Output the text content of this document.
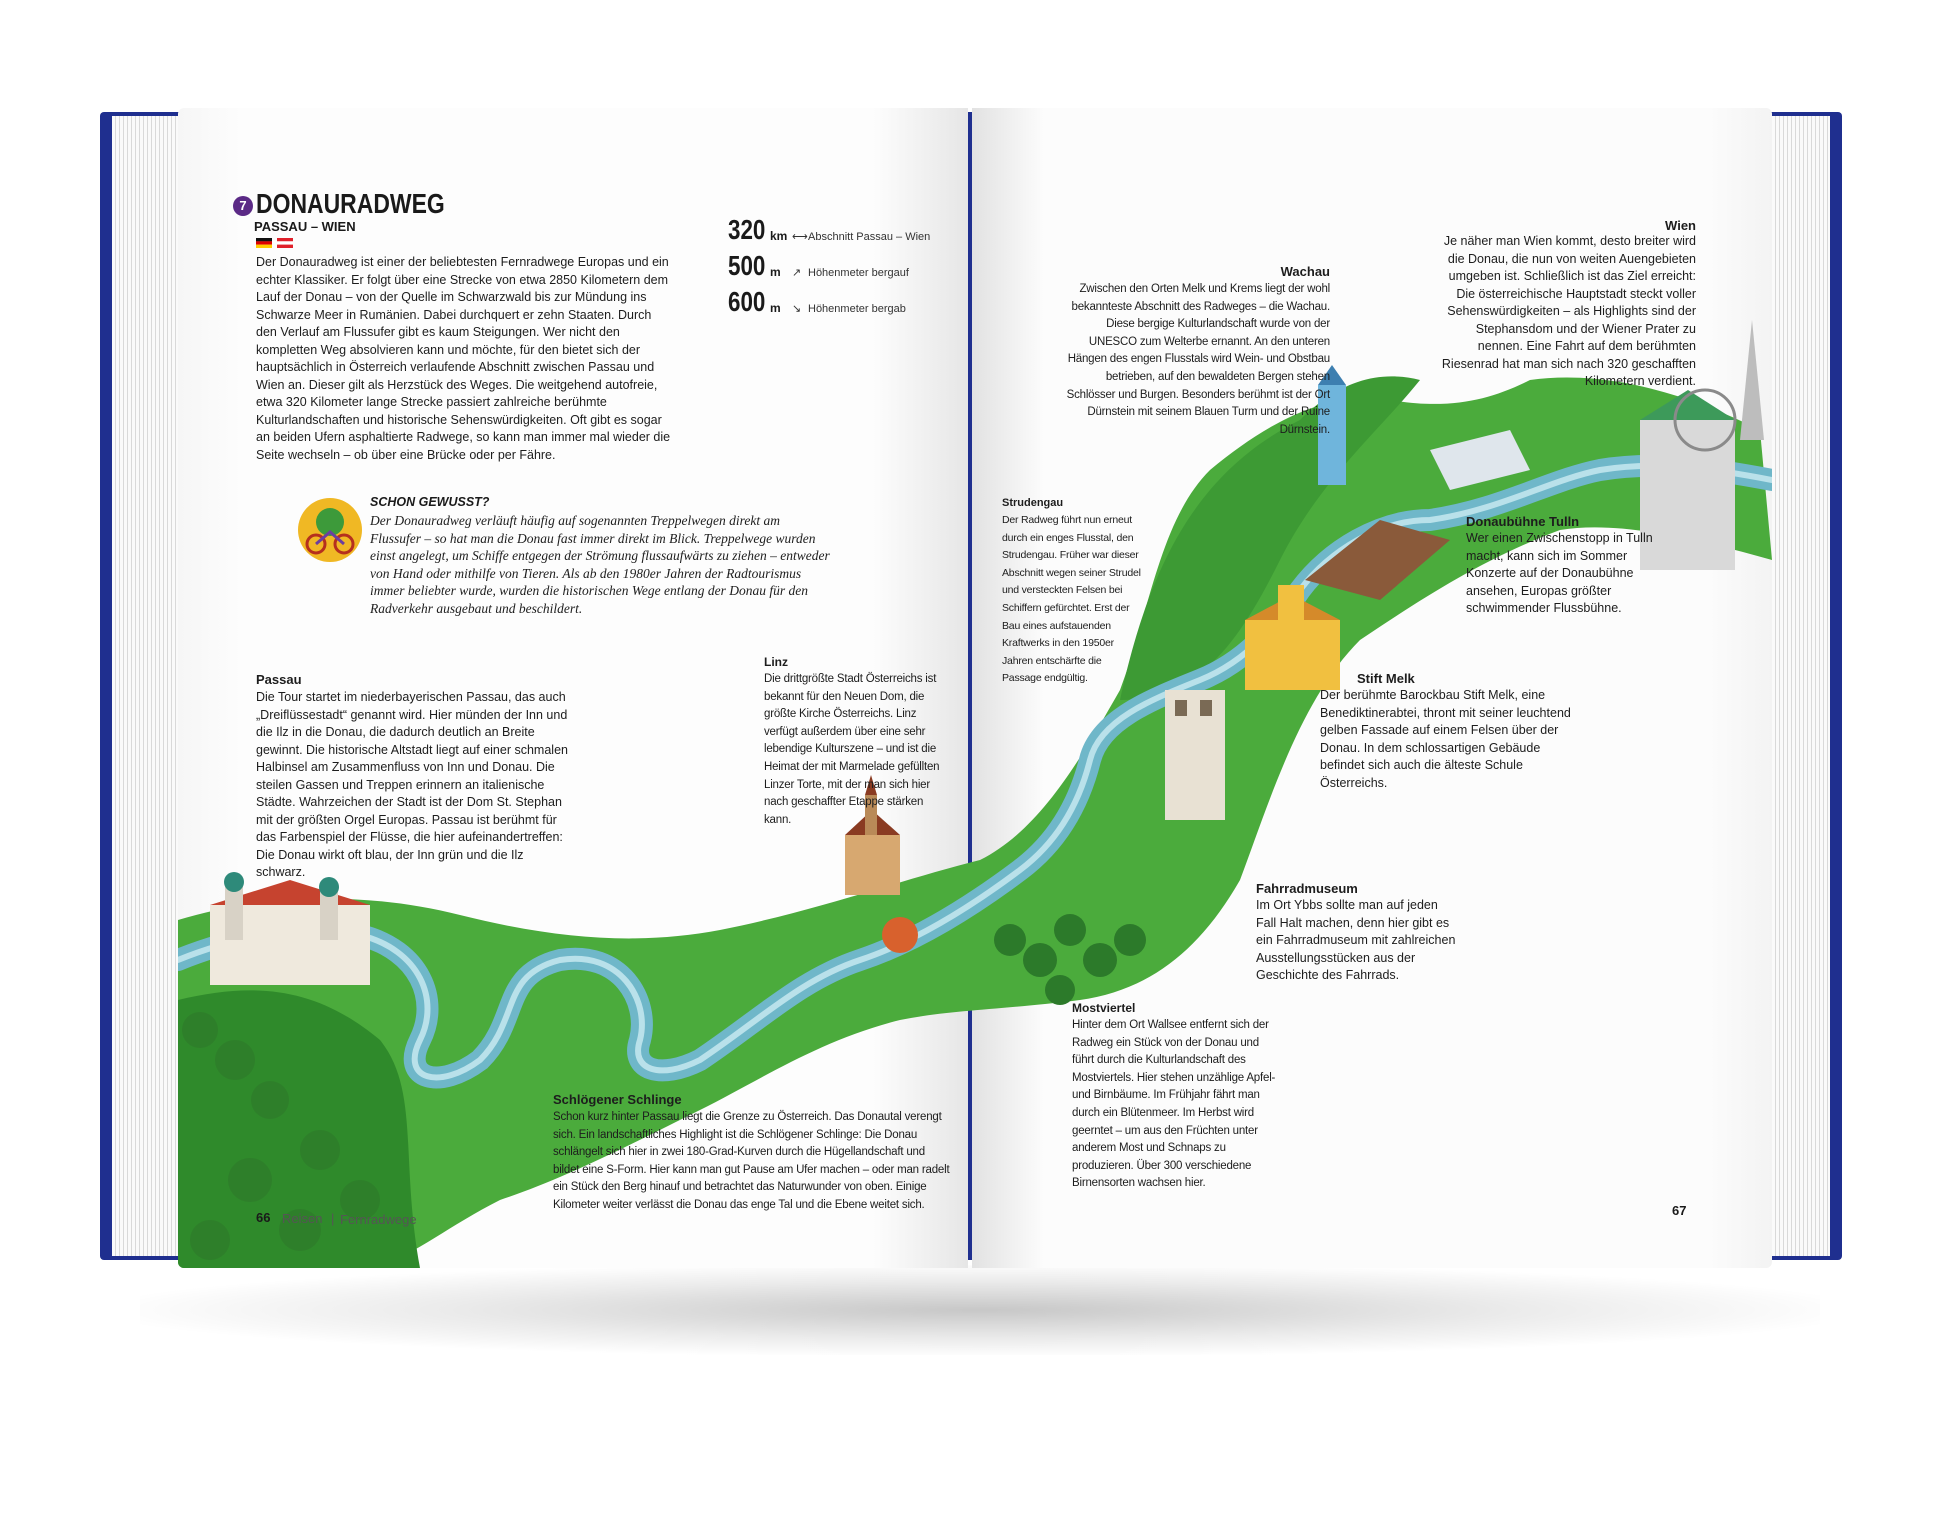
7 DONAURADWEG
PASSAU – WIEN
Der Donauradweg ist einer der beliebtesten Fernradwege Europas und ein echter Klassiker. Er folgt über eine Strecke von etwa 2850 Kilometern dem Lauf der Donau – von der Quelle im Schwarzwald bis zur Mündung ins Schwarze Meer in Rumänien. Dabei durchquert er zehn Staaten. Durch den Verlauf am Flussufer gibt es kaum Steigungen. Wer nicht den kompletten Weg absolvieren kann und möchte, für den bietet sich der hauptsächlich in Österreich verlaufende Abschnitt zwischen Passau und Wien an. Dieser gilt als Herzstück des Weges. Die weitgehend autofreie, etwa 320 Kilometer lange Strecke passiert zahlreiche berühmte Kulturlandschaften und historische Sehenswürdigkeiten. Oft gibt es sogar an beiden Ufern asphaltierte Radwege, so kann man immer mal wieder die Seite wechseln – ob über eine Brücke oder per Fähre.
320 km ⟷ Abschnitt Passau – Wien
500 m ↗ Höhenmeter bergauf
600 m ↘ Höhenmeter bergab
SCHON GEWUSST?
Der Donauradweg verläuft häufig auf sogenannten Treppelwegen direkt am Flussufer – so hat man die Donau fast immer direkt im Blick. Treppelwege wurden einst angelegt, um Schiffe entgegen der Strömung flussaufwärts zu ziehen – entweder von Hand oder mithilfe von Tieren. Als ab den 1980er Jahren der Radtourismus immer beliebter wurde, wurden die historischen Wege entlang der Donau für den Radverkehr ausgebaut und beschildert.
Passau
Die Tour startet im niederbayerischen Passau, das auch „Dreiflüssestadt“ genannt wird. Hier münden der Inn und die Ilz in die Donau, die dadurch deutlich an Breite gewinnt. Die historische Altstadt liegt auf einer schmalen Halbinsel am Zusammenfluss von Inn und Donau. Die steilen Gassen und Treppen erinnern an italienische Städte. Wahrzeichen der Stadt ist der Dom St. Stephan mit der größten Orgel Europas. Passau ist berühmt für das Farbenspiel der Flüsse, die hier aufeinandertreffen: Die Donau wirkt oft blau, der Inn grün und die Ilz schwarz.
Linz
Die drittgrößte Stadt Österreichs ist bekannt für den Neuen Dom, die größte Kirche Österreichs. Linz verfügt außerdem über eine sehr lebendige Kulturszene – und ist die Heimat der mit Marmelade gefüllten Linzer Torte, mit der man sich hier nach geschaffter Etappe stärken kann.
Schlögener Schlinge
Schon kurz hinter Passau liegt die Grenze zu Österreich. Das Donautal verengt sich. Ein landschaftliches Highlight ist die Schlögener Schlinge: Die Donau schlängelt sich hier in zwei 180-Grad-Kurven durch die Hügellandschaft und bildet eine S-Form. Hier kann man gut Pause am Ufer machen – oder man radelt ein Stück den Berg hinauf und betrachtet das Naturwunder von oben. Einige Kilometer weiter verlässt die Donau das enge Tal und die Ebene weitet sich.
66 Reisen | Fernradwege
Wien
Je näher man Wien kommt, desto breiter wird die Donau, die nun von weiten Auengebieten umgeben ist. Schließlich ist das Ziel erreicht: Die österreichische Hauptstadt steckt voller Sehenswürdigkeiten – als Highlights sind der Stephansdom und der Wiener Prater zu nennen. Eine Fahrt auf dem berühmten Riesenrad hat man sich nach 320 geschafften Kilometern verdient.
Wachau
Zwischen den Orten Melk und Krems liegt der wohl bekannteste Abschnitt des Radweges – die Wachau. Diese bergige Kulturlandschaft wurde von der UNESCO zum Welterbe ernannt. An den unteren Hängen des engen Flusstals wird Wein- und Obstbau betrieben, auf den bewaldeten Bergen stehen Schlösser und Burgen. Besonders berühmt ist der Ort Dürnstein mit seinem Blauen Turm und der Ruine Dürnstein.
Strudengau
Der Radweg führt nun erneut durch ein enges Flusstal, den Strudengau. Früher war dieser Abschnitt wegen seiner Strudel und versteckten Felsen bei Schiffern gefürchtet. Erst der Bau eines aufstauenden Kraftwerks in den 1950er Jahren entschärfte die Passage endgültig.
Donaubühne Tulln
Wer einen Zwischenstopp in Tulln macht, kann sich im Sommer Konzerte auf der Donaubühne ansehen, Europas größter schwimmender Flussbühne.
Stift Melk
Der berühmte Barockbau Stift Melk, eine Benediktinerabtei, thront mit seiner leuchtend gelben Fassade auf einem Felsen über der Donau. In dem schlossartigen Gebäude befindet sich auch die älteste Schule Österreichs.
Fahrradmuseum
Im Ort Ybbs sollte man auf jeden Fall Halt machen, denn hier gibt es ein Fahrradmuseum mit zahlreichen Ausstellungsstücken aus der Geschichte des Fahrrads.
Mostviertel
Hinter dem Ort Wallsee entfernt sich der Radweg ein Stück von der Donau und führt durch die Kulturlandschaft des Mostviertels. Hier stehen unzählige Apfel- und Birnbäume. Im Frühjahr fährt man durch ein Blütenmeer. Im Herbst wird geerntet – um aus den Früchten unter anderem Most und Schnaps zu produzieren. Über 300 verschiedene Birnensorten wachsen hier.
67
